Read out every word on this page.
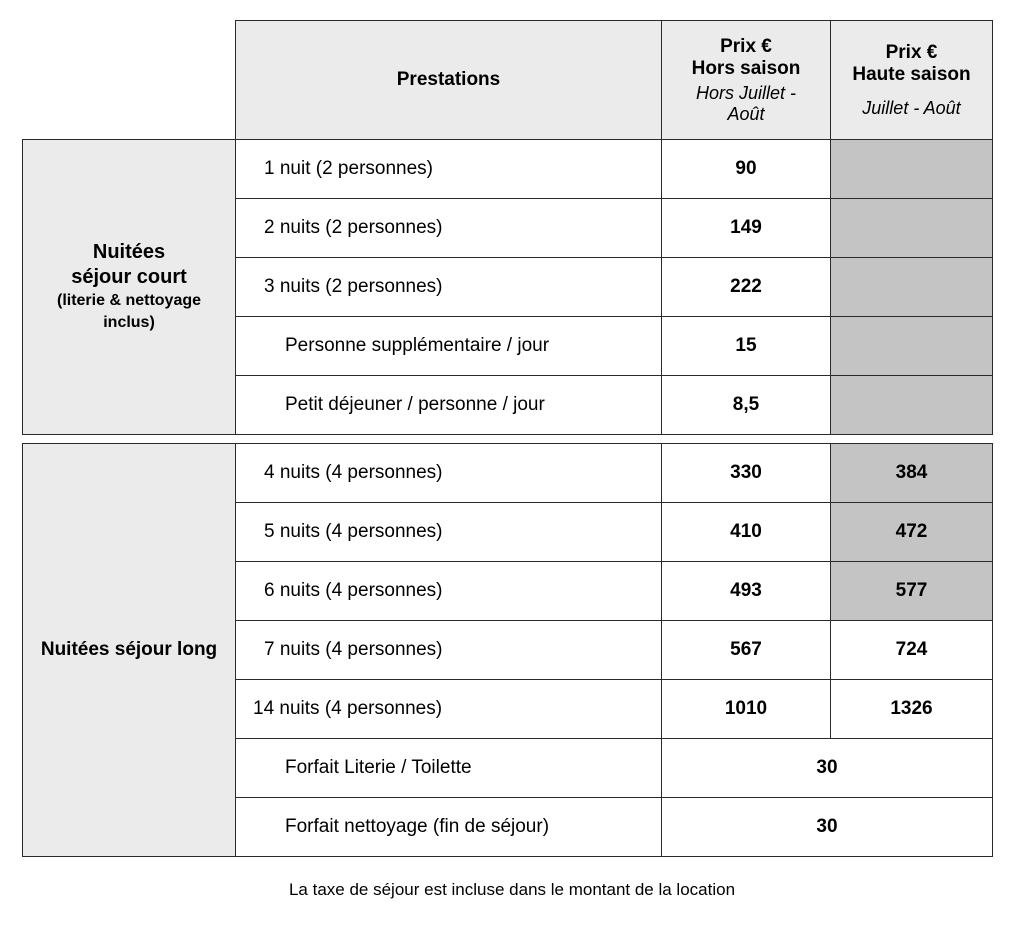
Prestations
Prix €
Hors saison
Hors Juillet - Août
Prix €
Haute saison
Juillet - Août
Nuitées
séjour court
(literie & nettoyage inclus)
1 nuit (2 personnes)	90
2 nuits (2 personnes)	149
3 nuits (2 personnes)	222
Personne supplémentaire / jour	15
Petit déjeuner / personne / jour	8,5
Nuitées séjour long
4 nuits (4 personnes)	330	384
5 nuits (4 personnes)	410	472
6 nuits (4 personnes)	493	577
7 nuits (4 personnes)	567	724
14 nuits (4 personnes)	1010	1326
Forfait Literie / Toilette	30
Forfait nettoyage (fin de séjour)	30
La taxe de séjour est incluse dans le montant de la location
